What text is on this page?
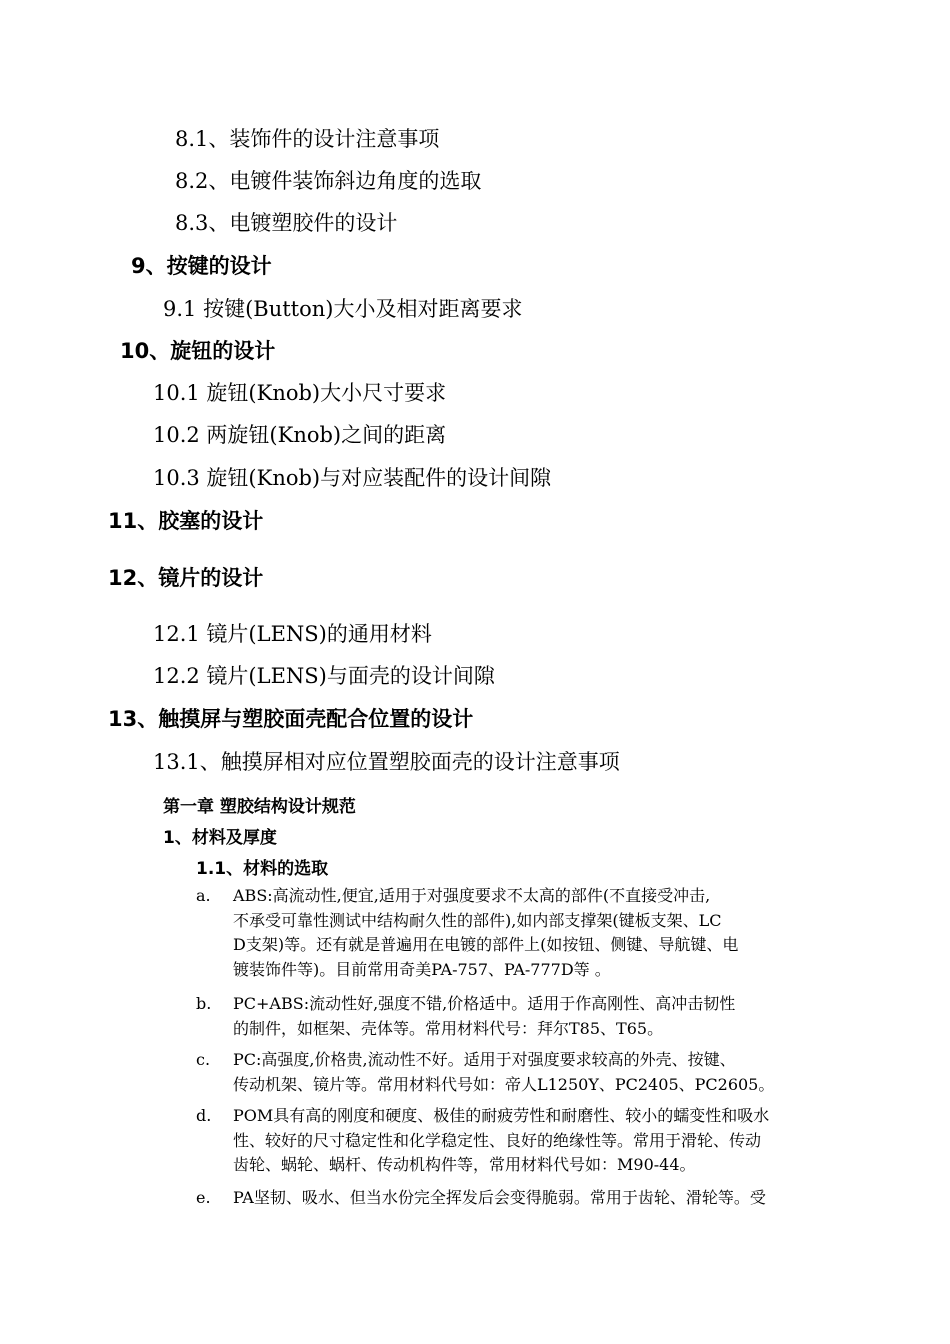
8.1、装饰件的设计注意事项
8.2、电镀件装饰斜边角度的选取
8.3、电镀塑胶件的设计
9、按键的设计
9.1 按键(Button)大小及相对距离要求
10、旋钮的设计
10.1 旋钮(Knob)大小尺寸要求
10.2 两旋钮(Knob)之间的距离
10.3 旋钮(Knob)与对应装配件的设计间隙
11、胶塞的设计
12、镜片的设计
12.1 镜片(LENS)的通用材料
12.2 镜片(LENS)与面壳的设计间隙
13、触摸屏与塑胶面壳配合位置的设计
13.1、触摸屏相对应位置塑胶面壳的设计注意事项
第一章 塑胶结构设计规范
1、材料及厚度
1.1、材料的选取
a. ABS:高流动性,便宜,适用于对强度要求不太高的部件(不直接受冲击,
不承受可靠性测试中结构耐久性的部件),如内部支撑架(键板支架、LC
D支架)等。还有就是普遍用在电镀的部件上(如按钮、侧键、导航键、电
镀装饰件等)。目前常用奇美PA-757、PA-777D等 。
b. PC+ABS:流动性好,强度不错,价格适中。适用于作高刚性、高冲击韧性
的制件，如框架、壳体等。常用材料代号：拜尔T85、T65。
c. PC:高强度,价格贵,流动性不好。适用于对强度要求较高的外壳、按键、
传动机架、镜片等。常用材料代号如：帝人L1250Y、PC2405、PC2605。
d. POM具有高的刚度和硬度、极佳的耐疲劳性和耐磨性、较小的蠕变性和吸水
性、较好的尺寸稳定性和化学稳定性、良好的绝缘性等。常用于滑轮、传动
齿轮、蜗轮、蜗杆、传动机构件等，常用材料代号如：M90-44。
e. PA坚韧、吸水、但当水份完全挥发后会变得脆弱。常用于齿轮、滑轮等。受
